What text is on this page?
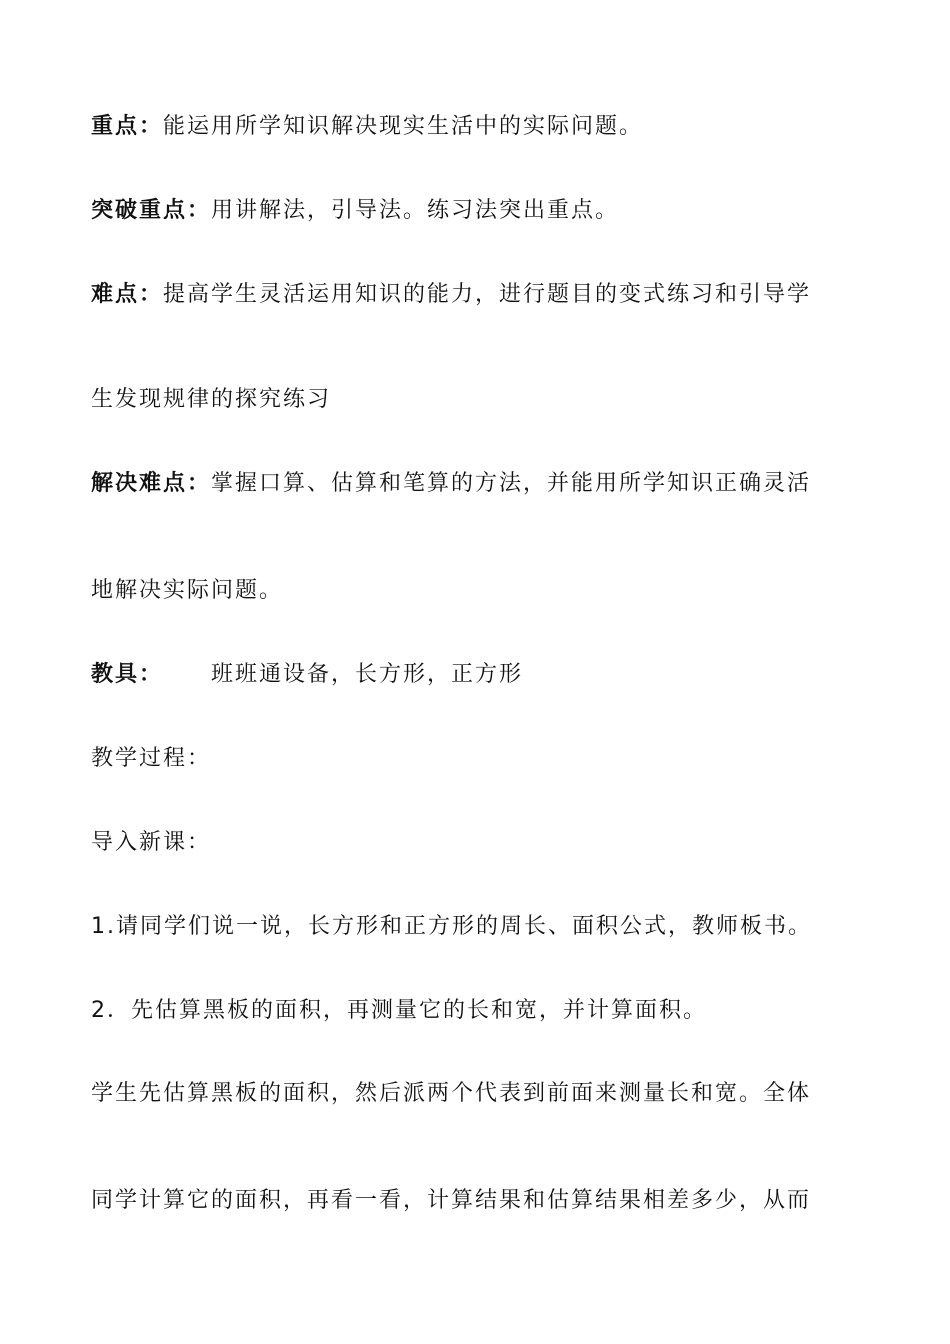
重点：能运用所学知识解决现实生活中的实际问题。
突破重点：用讲解法，引导法。练习法突出重点。
难点：提高学生灵活运用知识的能力，进行题目的变式练习和引导学
生发现规律的探究练习
解决难点：掌握口算、估算和笔算的方法，并能用所学知识正确灵活
地解决实际问题。
教具： 班班通设备，长方形，正方形
教学过程：
导入新课：
1.请同学们说一说，长方形和正方形的周长、面积公式，教师板书。
2．先估算黑板的面积，再测量它的长和宽，并计算面积。
学生先估算黑板的面积，然后派两个代表到前面来测量长和宽。全体
同学计算它的面积，再看一看，计算结果和估算结果相差多少，从而
